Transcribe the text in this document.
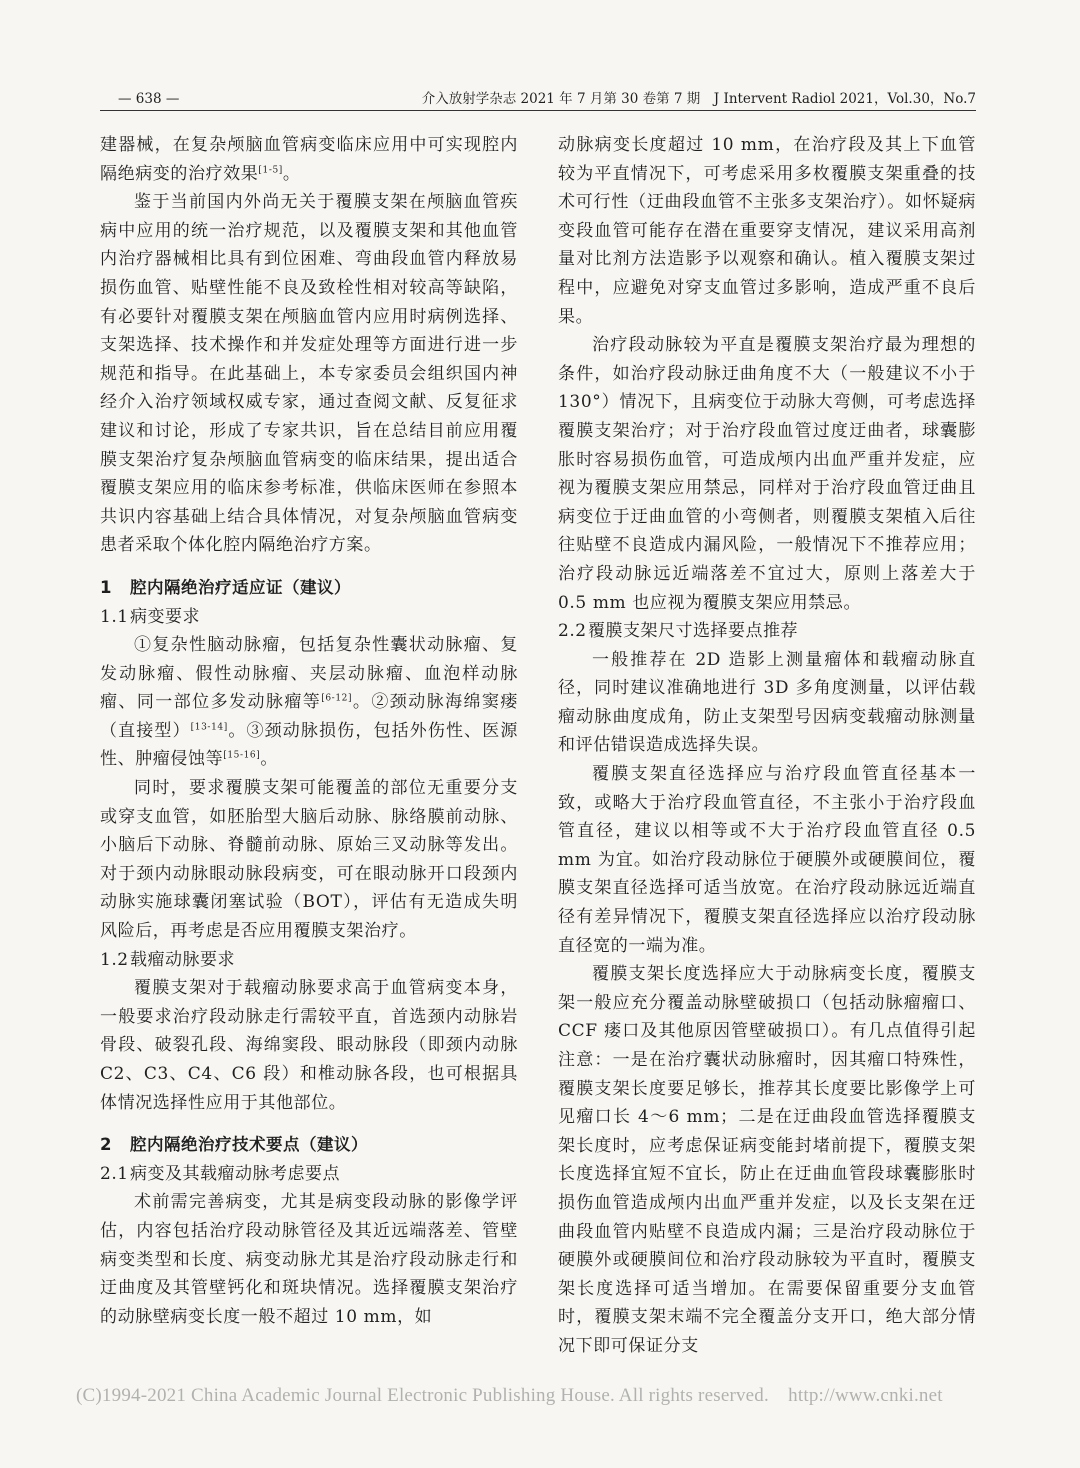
— 638 —	介入放射学杂志 2021 年 7 月第 30 卷第 7 期　J Intervent Radiol 2021，Vol.30，No.7

建器械，在复杂颅脑血管病变临床应用中可实现腔内隔绝病变的治疗效果[1-5]。

鉴于当前国内外尚无关于覆膜支架在颅脑血管疾病中应用的统一治疗规范，以及覆膜支架和其他血管内治疗器械相比具有到位困难、弯曲段血管内释放易损伤血管、贴壁性能不良及致栓性相对较高等缺陷，有必要针对覆膜支架在颅脑血管内应用时病例选择、支架选择、技术操作和并发症处理等方面进行进一步规范和指导。在此基础上，本专家委员会组织国内神经介入治疗领域权威专家，通过查阅文献、反复征求建议和讨论，形成了专家共识，旨在总结目前应用覆膜支架治疗复杂颅脑血管病变的临床结果，提出适合覆膜支架应用的临床参考标准，供临床医师在参照本共识内容基础上结合具体情况，对复杂颅脑血管病变患者采取个体化腔内隔绝治疗方案。

1 腔内隔绝治疗适应证（建议）
1.1病变要求

①复杂性脑动脉瘤，包括复杂性囊状动脉瘤、复发动脉瘤、假性动脉瘤、夹层动脉瘤、血泡样动脉瘤、同一部位多发动脉瘤等[6-12]。②颈动脉海绵窦瘘（直接型）[13-14]。③颈动脉损伤，包括外伤性、医源性、肿瘤侵蚀等[15-16]。

同时，要求覆膜支架可能覆盖的部位无重要分支或穿支血管，如胚胎型大脑后动脉、脉络膜前动脉、小脑后下动脉、脊髓前动脉、原始三叉动脉等发出。对于颈内动脉眼动脉段病变，可在眼动脉开口段颈内动脉实施球囊闭塞试验（BOT），评估有无造成失明风险后，再考虑是否应用覆膜支架治疗。

1.2载瘤动脉要求

覆膜支架对于载瘤动脉要求高于血管病变本身，一般要求治疗段动脉走行需较平直，首选颈内动脉岩骨段、破裂孔段、海绵窦段、眼动脉段（即颈内动脉 C2、C3、C4、C6 段）和椎动脉各段，也可根据具体情况选择性应用于其他部位。

2 腔内隔绝治疗技术要点（建议）
2.1病变及其载瘤动脉考虑要点

术前需完善病变，尤其是病变段动脉的影像学评估，内容包括治疗段动脉管径及其近远端落差、管壁病变类型和长度、病变动脉尤其是治疗段动脉走行和迂曲度及其管壁钙化和斑块情况。选择覆膜支架治疗的动脉壁病变长度一般不超过 10 mm，如

动脉病变长度超过 10 mm，在治疗段及其上下血管较为平直情况下，可考虑采用多枚覆膜支架重叠的技术可行性（迂曲段血管不主张多支架治疗）。如怀疑病变段血管可能存在潜在重要穿支情况，建议采用高剂量对比剂方法造影予以观察和确认。植入覆膜支架过程中，应避免对穿支血管过多影响，造成严重不良后果。

治疗段动脉较为平直是覆膜支架治疗最为理想的条件，如治疗段动脉迂曲角度不大（一般建议不小于 130°）情况下，且病变位于动脉大弯侧，可考虑选择覆膜支架治疗；对于治疗段血管过度迂曲者，球囊膨胀时容易损伤血管，可造成颅内出血严重并发症，应视为覆膜支架应用禁忌，同样对于治疗段血管迂曲且病变位于迂曲血管的小弯侧者，则覆膜支架植入后往往贴壁不良造成内漏风险，一般情况下不推荐应用；治疗段动脉远近端落差不宜过大，原则上落差大于 0.5 mm 也应视为覆膜支架应用禁忌。

2.2覆膜支架尺寸选择要点推荐

一般推荐在 2D 造影上测量瘤体和载瘤动脉直径，同时建议准确地进行 3D 多角度测量，以评估载瘤动脉曲度成角，防止支架型号因病变载瘤动脉测量和评估错误造成选择失误。

覆膜支架直径选择应与治疗段血管直径基本一致，或略大于治疗段血管直径，不主张小于治疗段血管直径，建议以相等或不大于治疗段血管直径 0.5 mm 为宜。如治疗段动脉位于硬膜外或硬膜间位，覆膜支架直径选择可适当放宽。在治疗段动脉远近端直径有差异情况下，覆膜支架直径选择应以治疗段动脉直径宽的一端为准。

覆膜支架长度选择应大于动脉病变长度，覆膜支架一般应充分覆盖动脉壁破损口（包括动脉瘤瘤口、CCF 瘘口及其他原因管壁破损口）。有几点值得引起注意：一是在治疗囊状动脉瘤时，因其瘤口特殊性，覆膜支架长度要足够长，推荐其长度要比影像学上可见瘤口长 4～6 mm；二是在迂曲段血管选择覆膜支架长度时，应考虑保证病变能封堵前提下，覆膜支架长度选择宜短不宜长，防止在迂曲血管段球囊膨胀时损伤血管造成颅内出血严重并发症，以及长支架在迂曲段血管内贴壁不良造成内漏；三是治疗段动脉位于硬膜外或硬膜间位和治疗段动脉较为平直时，覆膜支架长度选择可适当增加。在需要保留重要分支血管时，覆膜支架末端不完全覆盖分支开口，绝大部分情况下即可保证分支

(C)1994-2021 China Academic Journal Electronic Publishing House. All rights reserved.　http://www.cnki.net
